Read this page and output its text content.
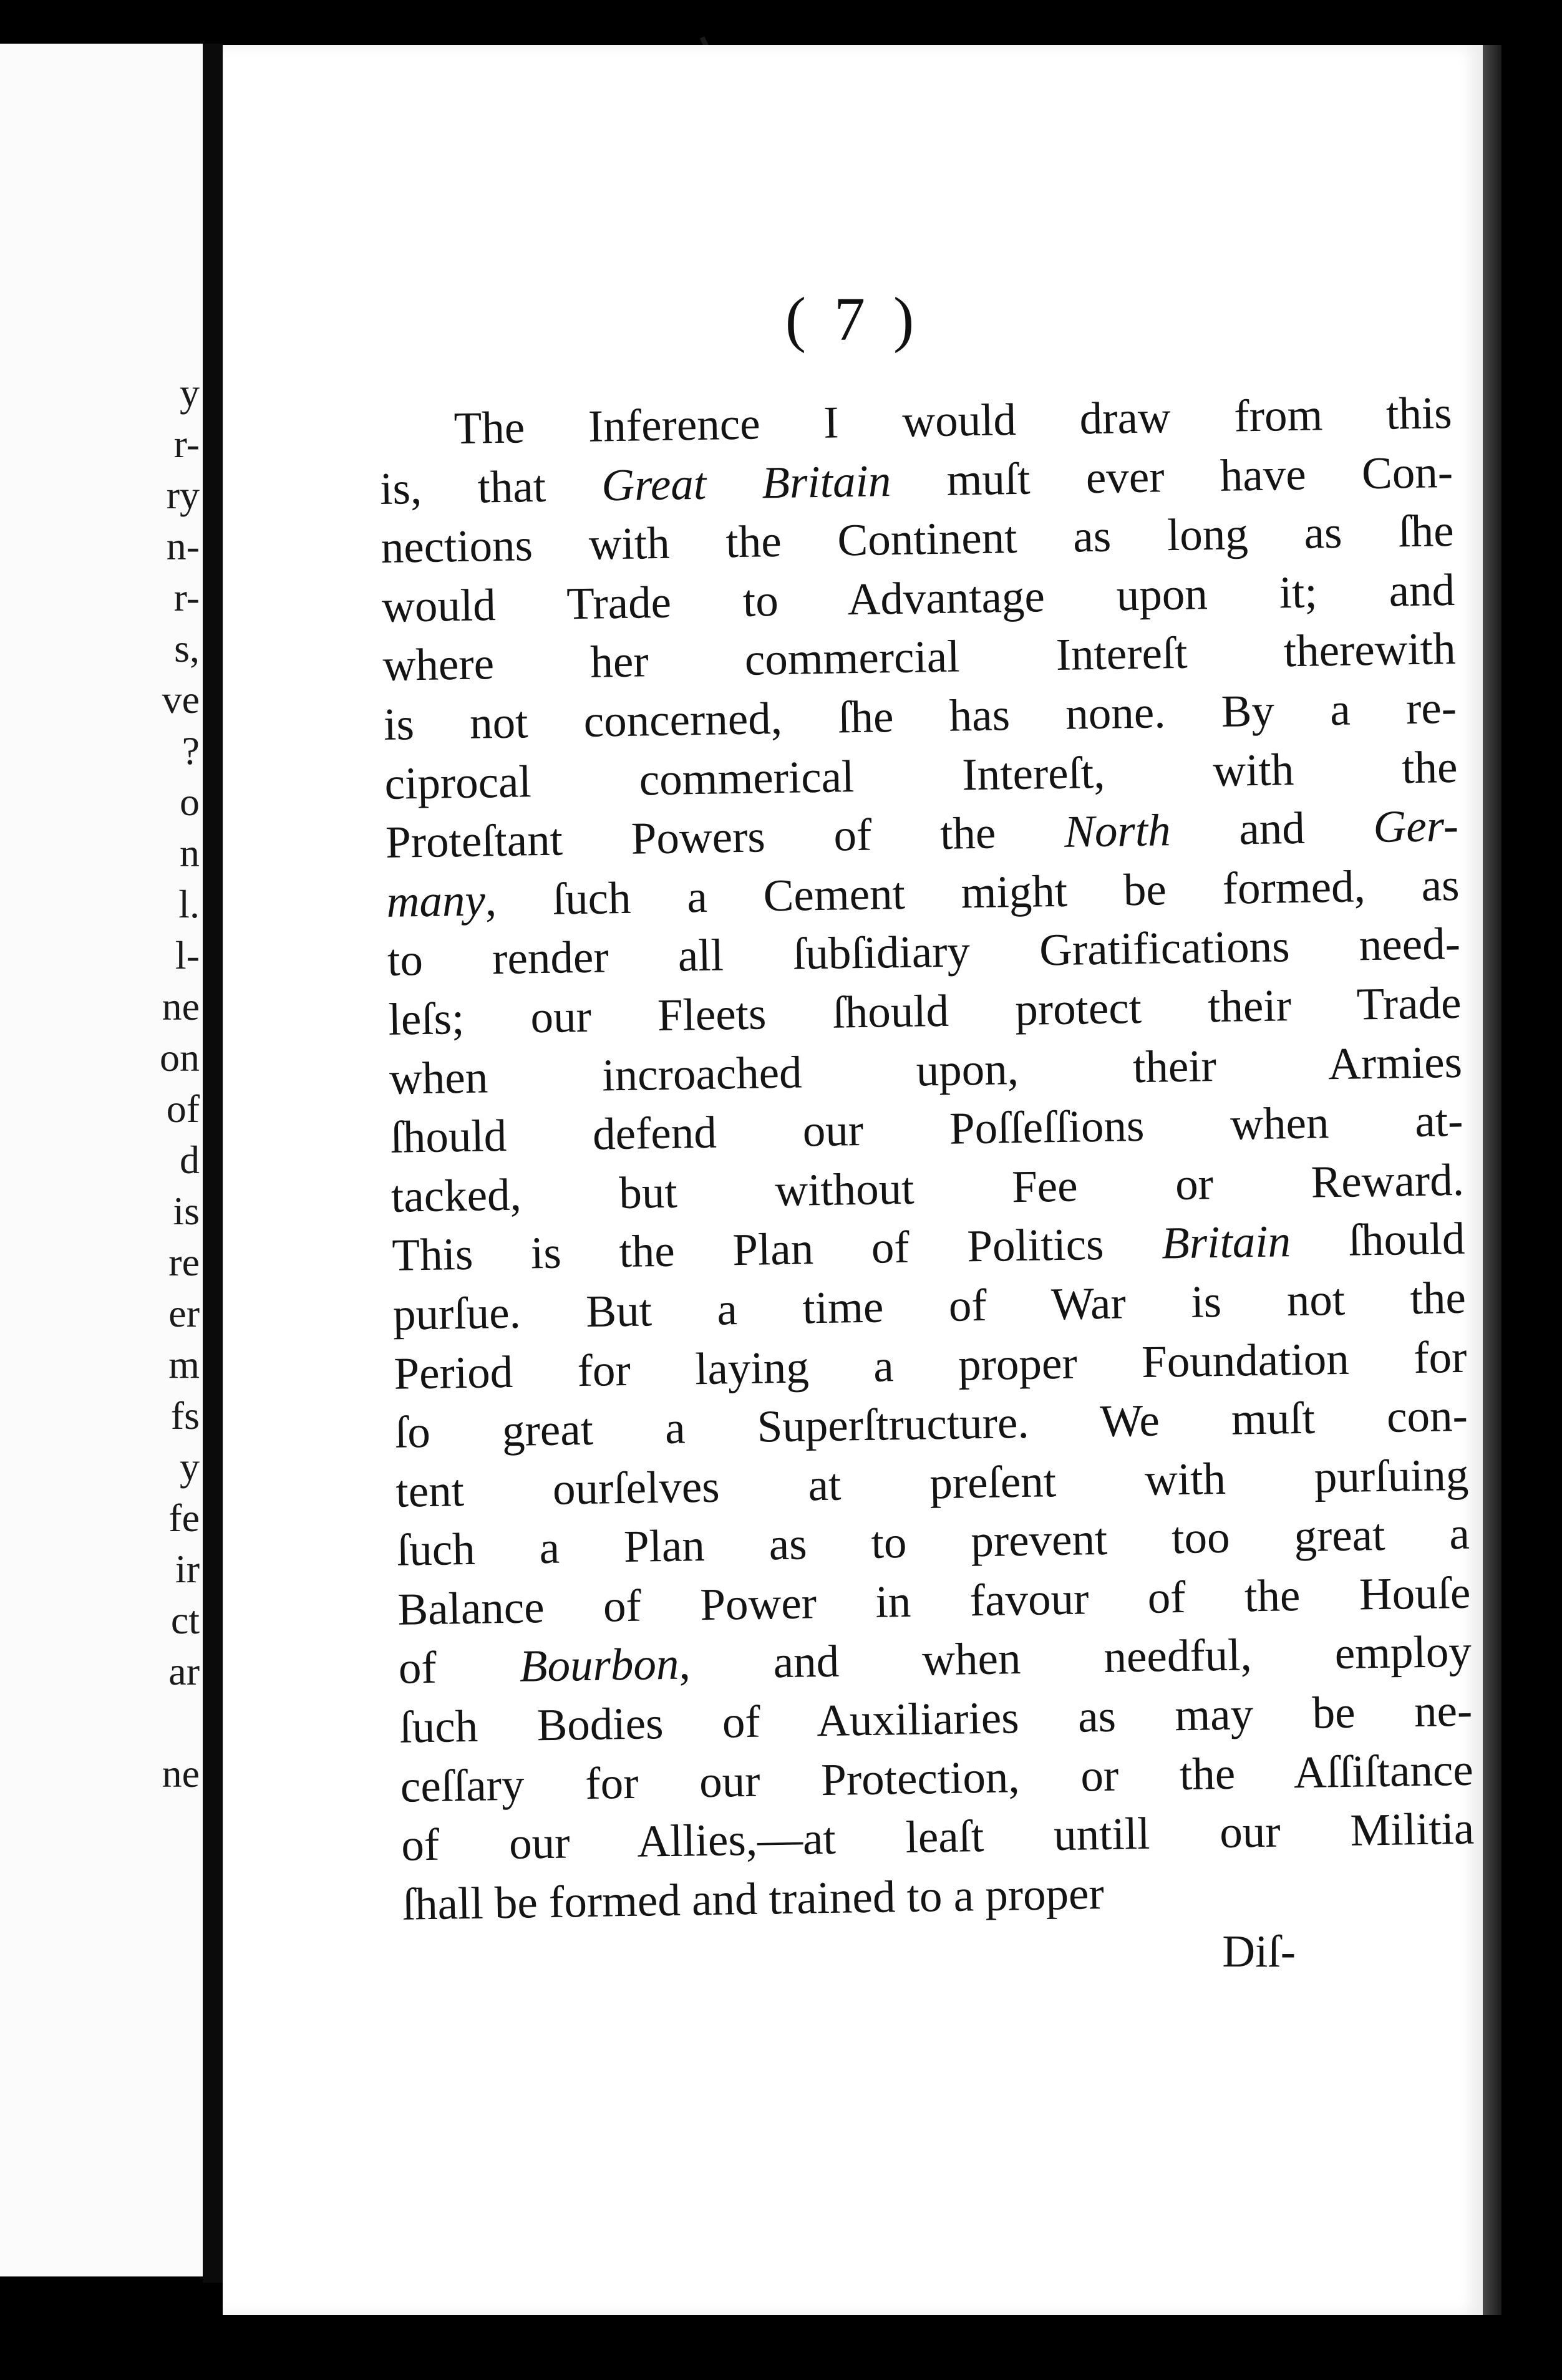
y
r-
ry
n-
r-
s,
ve
?
o
n
l.
l-
ne
on
of
d
is
re
er
m
fs
y
fe
ir
ct
ar
ne
( 7 )
The Inference I would draw from this
is, that Great Britain muſt ever have Con-
nections with the Continent as long as ſhe
would Trade to Advantage upon it; and
where her commercial Intereſt therewith
is not concerned, ſhe has none. By a re-
ciprocal commerical Intereſt, with the
Proteſtant Powers of the North and Ger-
many, ſuch a Cement might be formed, as
to render all ſubſidiary Gratifications need-
leſs; our Fleets ſhould protect their Trade
when incroached upon, their Armies
ſhould defend our Poſſeſſions when at-
tacked, but without Fee or Reward.
This is the Plan of Politics Britain ſhould
purſue. But a time of War is not the
Period for laying a proper Foundation for
ſo great a Superſtructure. We muſt con-
tent ourſelves at preſent with purſuing
ſuch a Plan as to prevent too great a
Balance of Power in favour of the Houſe
of Bourbon, and when needful, employ
ſuch Bodies of Auxiliaries as may be ne-
ceſſary for our Protection, or the Aſſiſtance
of our Allies,—at leaſt untill our Militia
ſhall be formed and trained to a proper
Diſ-
